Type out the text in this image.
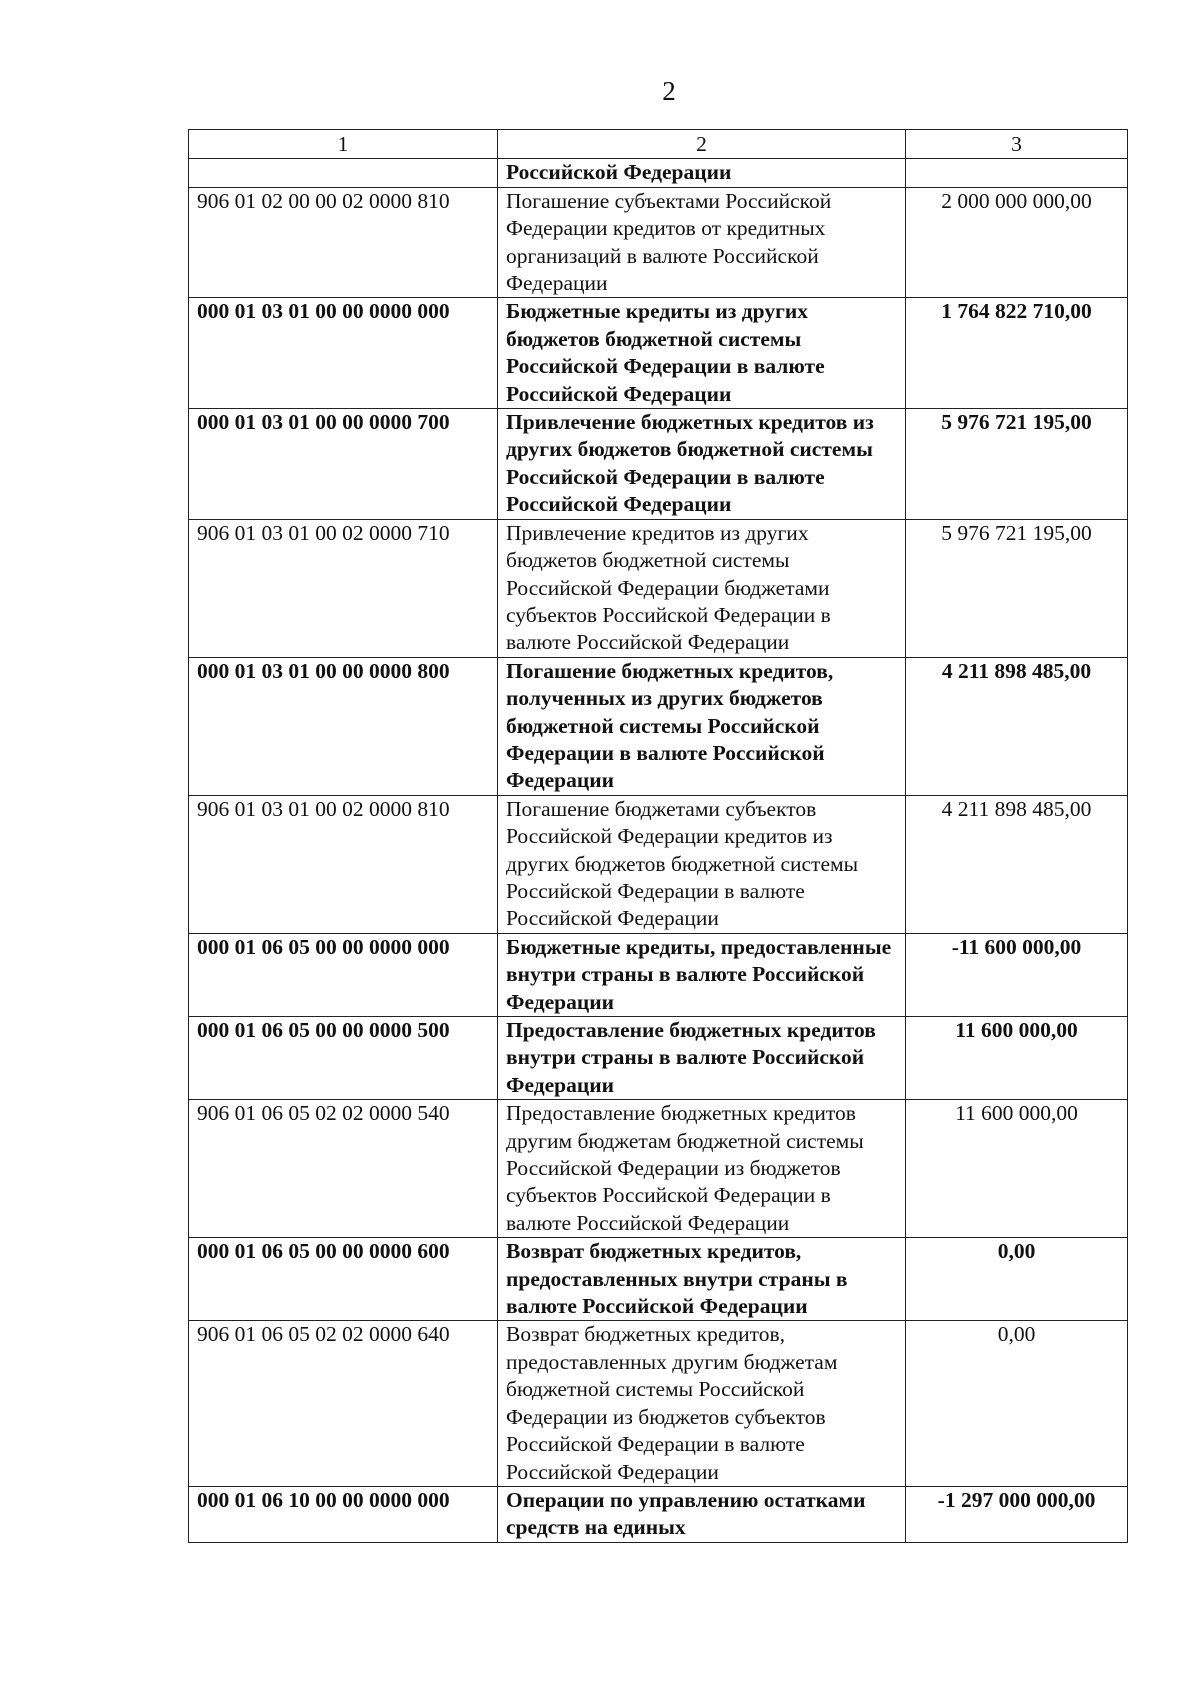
2
1	2	3
	Российской Федерации	
906 01 02 00 00 02 0000 810	Погашение субъектами Российской Федерации кредитов от кредитных организаций в валюте Российской Федерации	2 000 000 000,00
000 01 03 01 00 00 0000 000	Бюджетные кредиты из других бюджетов бюджетной системы Российской Федерации в валюте Российской Федерации	1 764 822 710,00
000 01 03 01 00 00 0000 700	Привлечение бюджетных кредитов из других бюджетов бюджетной системы Российской Федерации в валюте Российской Федерации	5 976 721 195,00
906 01 03 01 00 02 0000 710	Привлечение кредитов из других бюджетов бюджетной системы Российской Федерации бюджетами субъектов Российской Федерации в валюте Российской Федерации	5 976 721 195,00
000 01 03 01 00 00 0000 800	Погашение бюджетных кредитов, полученных из других бюджетов бюджетной системы Российской Федерации в валюте Российской Федерации	4 211 898 485,00
906 01 03 01 00 02 0000 810	Погашение бюджетами субъектов Российской Федерации кредитов из других бюджетов бюджетной системы Российской Федерации в валюте Российской Федерации	4 211 898 485,00
000 01 06 05 00 00 0000 000	Бюджетные кредиты, предоставленные внутри страны в валюте Российской Федерации	-11 600 000,00
000 01 06 05 00 00 0000 500	Предоставление бюджетных кредитов внутри страны в валюте Российской Федерации	11 600 000,00
906 01 06 05 02 02 0000 540	Предоставление бюджетных кредитов другим бюджетам бюджетной системы Российской Федерации из бюджетов субъектов Российской Федерации в валюте Российской Федерации	11 600 000,00
000 01 06 05 00 00 0000 600	Возврат бюджетных кредитов, предоставленных внутри страны в валюте Российской Федерации	0,00
906 01 06 05 02 02 0000 640	Возврат бюджетных кредитов, предоставленных другим бюджетам бюджетной системы Российской Федерации из бюджетов субъектов Российской Федерации в валюте Российской Федерации	0,00
000 01 06 10 00 00 0000 000	Операции по управлению остатками средств на единых	-1 297 000 000,00
